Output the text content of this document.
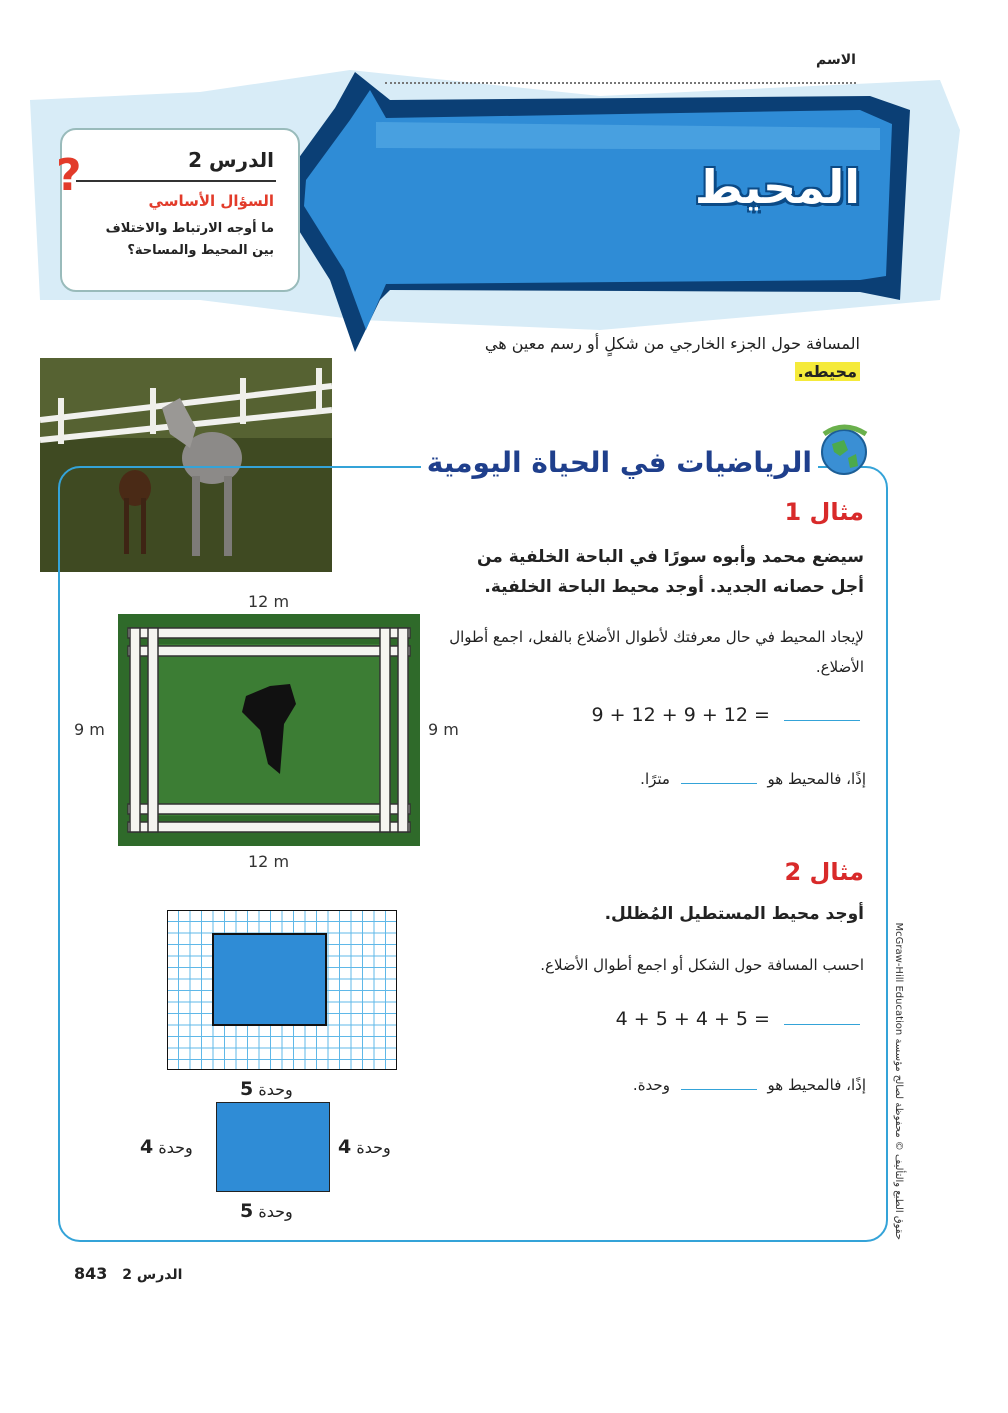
الاسم
?	الدرس 2
السؤال الأساسي
ما أوجه الارتباط والاختلاف بين المحيط والمساحة؟
المحيط
المسافة حول الجزء الخارجي من شكلٍ أو رسم معين هي
محيطه.
الرياضيات في الحياة اليومية
مثال 1
سيضع محمد وأبوه سورًا في الباحة الخلفية من أجل حصانه الجديد. أوجد محيط الباحة الخلفية.
لإيجاد المحيط في حال معرفتك لأطوال الأضلاع بالفعل، اجمع أطوال الأضلاع.
9 + 12 + 9 + 12 =
إذًا، فالمحيط هو  مترًا.
12 m
12 m
9 m	9 m
مثال 2
أوجد محيط المستطيل المُظلل.
احسب المسافة حول الشكل أو اجمع أطوال الأضلاع.
4 + 5 + 4 + 5 =
إذًا، فالمحيط هو  وحدة.
وحدة 5
وحدة 4	وحدة 4
وحدة 5
843 الدرس 2
حقوق الطبع والتأليف © محفوظة لصالح مؤسسة McGraw-Hill Education
